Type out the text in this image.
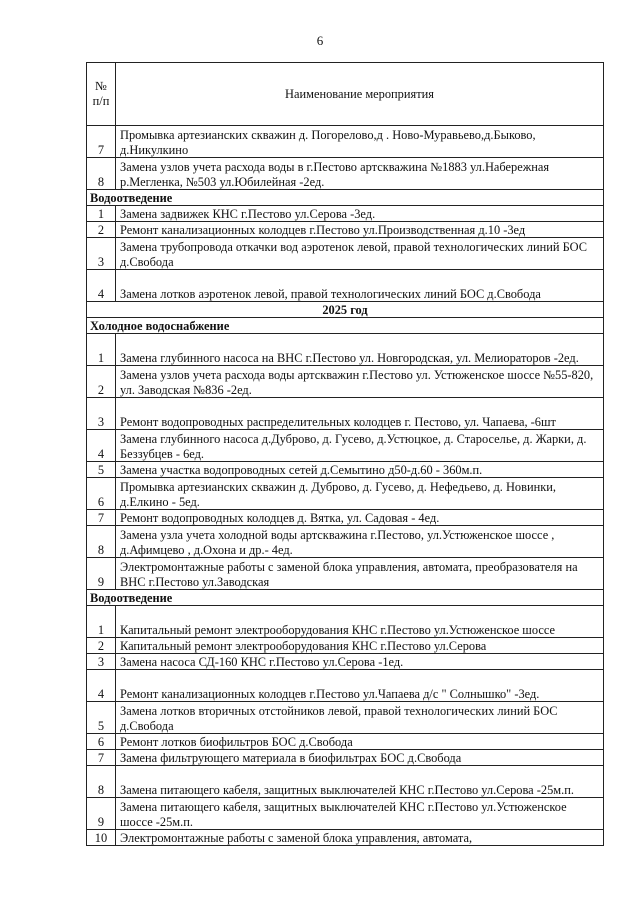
6
№
п/п	Наименование мероприятия
7	Промывка артезианских скважин д. Погорелово,д . Ново-Муравьево,д.Быково, д.Никулкино
8	Замена узлов учета расхода воды в г.Пестово артскважина №1883 ул.Набережная р.Меглeнка, №503 ул.Юбилейная -2ед.
Водоотведение	
1	Замена задвижек КНС г.Пестово ул.Серова -3ед.
2	Ремонт канализационных колодцев г.Пестово ул.Производственная д.10 -3ед
3	Замена трубопровода откачки вод аэротенок левой, правой технологических линий БОС д.Свобода
4	Замена лотков аэротенок левой, правой технологических линий БОС д.Свобода
2025 год	
Холодное водоснабжение	
1	Замена глубинного насоса на ВНС г.Пестово ул. Новгородская, ул. Мелиораторов -2ед.
2	Замена узлов учета расхода воды артскважин г.Пестово ул. Устюженское шоссе №55-820, ул. Заводская №836 -2ед.
3	Ремонт водопроводных распределительных колодцев г. Пестово, ул. Чапаева, -6шт
4	Замена глубинного насоса д.Дуброво, д. Гусево, д.Устюцкое, д. Староселье, д. Жарки, д. Беззубцев - 6ед.
5	Замена участка водопроводных сетей д.Семытино д50-д.60 - 360м.п.
6	Промывка артезианских скважин д. Дуброво, д. Гусево, д. Нефедьево, д. Новинки, д.Елкино - 5ед.
7	Ремонт водопроводных колодцев д. Вятка, ул. Садовая - 4ед.
8	Замена узла учета холодной воды артскважина г.Пестово, ул.Устюженское шоссе , д.Афимцево , д.Охона и др.- 4ед.
9	Электромонтажные работы с заменой блока управления, автомата, преобразователя на ВНС г.Пестово ул.Заводская
Водоотведение	
1	Капитальный ремонт электрооборудования КНС г.Пестово ул.Устюженское шоссе
2	Капитальный ремонт электрооборудования КНС г.Пестово ул.Серова
3	Замена насоса СД-160 КНС г.Пестово ул.Серова -1ед.
4	Ремонт канализационных колодцев г.Пестово ул.Чапаева д/с " Солнышко" -3ед.
5	Замена лотков вторичных отстойников левой, правой технологических линий БОС д.Свобода
6	Ремонт лотков биофильтров БОС д.Свобода
7	Замена фильтрующего материала в биофильтрах БОС д.Свобода
8	Замена питающего кабеля, защитных выключателей КНС г.Пестово ул.Серова -25м.п.
9	Замена питающего кабеля, защитных выключателей КНС г.Пестово ул.Устюженское шоссе -25м.п.
10	Электромонтажные работы с заменой блока управления, автомата,
